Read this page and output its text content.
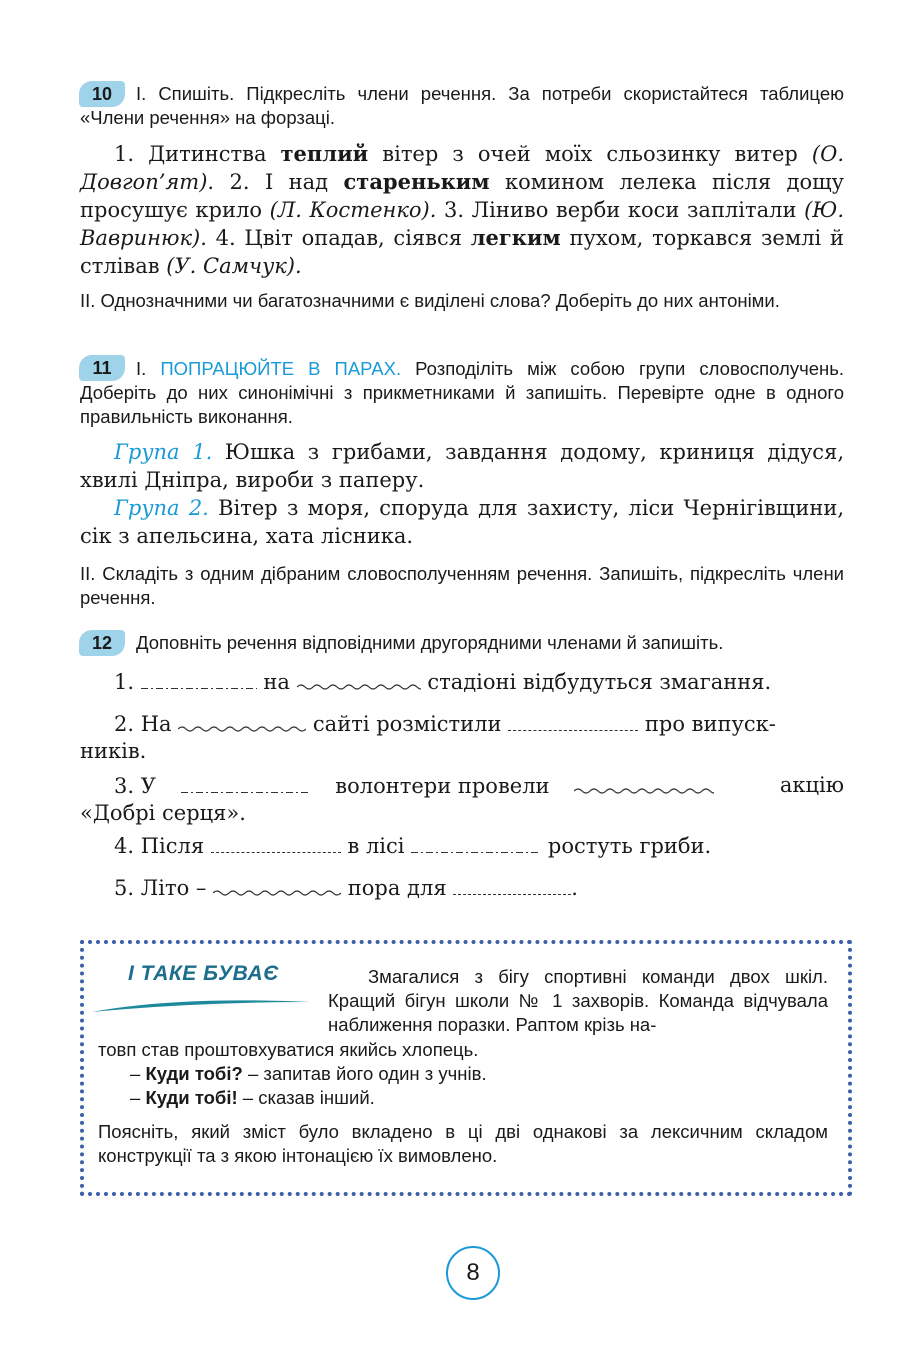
10	І. Спишіть. Підкресліть члени речення. За потреби скористайтеся таблицею «Члени речення» на форзаці.
1. Дитинства теплий вітер з очей моїх сльозинку витер (О. Довгоп’ят). 2. І над стареньким комином лелека після дощу просушує крило (Л. Костенко). 3. Ліниво верби коси заплітали (Ю. Вавринюк). 4. Цвіт опадав, сіявся легким пухом, торкався землі й стлівав (У. Самчук).
ІІ. Однозначними чи багатозначними є виділені слова? Доберіть до них антоніми.
11	І. ПОПРАЦЮЙТЕ В ПАРАХ. Розподіліть між собою групи словосполучень. Доберіть до них синонімічні з прикметниками й запишіть. Перевірте одне в одного правильність виконання.
Група 1. Юшка з грибами, завдання додому, криниця дідуся, хвилі Дніпра, вироби з паперу.
Група 2. Вітер з моря, споруда для захисту, ліси Чернігівщини, сік з апельсина, хата лісника.
ІІ. Складіть з одним дібраним словосполученням речення. Запишіть, підкресліть члени речення.
12	Доповніть речення відповідними другорядними членами й запишіть.
1.	на	стадіоні відбудуться змагання.
2. На	сайті розмістили	про випуск-
ників.
3. У	волонтери провели	акцію
«Добрі серця».
4. Після	в лісі	ростуть гриби.
5. Літо –	пора для	.
І ТАКЕ БУВАЄ	Змагалися з бігу спортивні команди двох шкіл. Кращий бігун школи № 1 захворів. Команда відчувала наближення поразки. Раптом крізь на-
товп став проштовхуватися якийсь хлопець.
– Куди тобі? – запитав його один з учнів.
– Куди тобі! – сказав інший.
Поясніть, який зміст було вкладено в ці дві однакові за лексичним складом конструкції та з якою інтонацією їх вимовлено.
8
